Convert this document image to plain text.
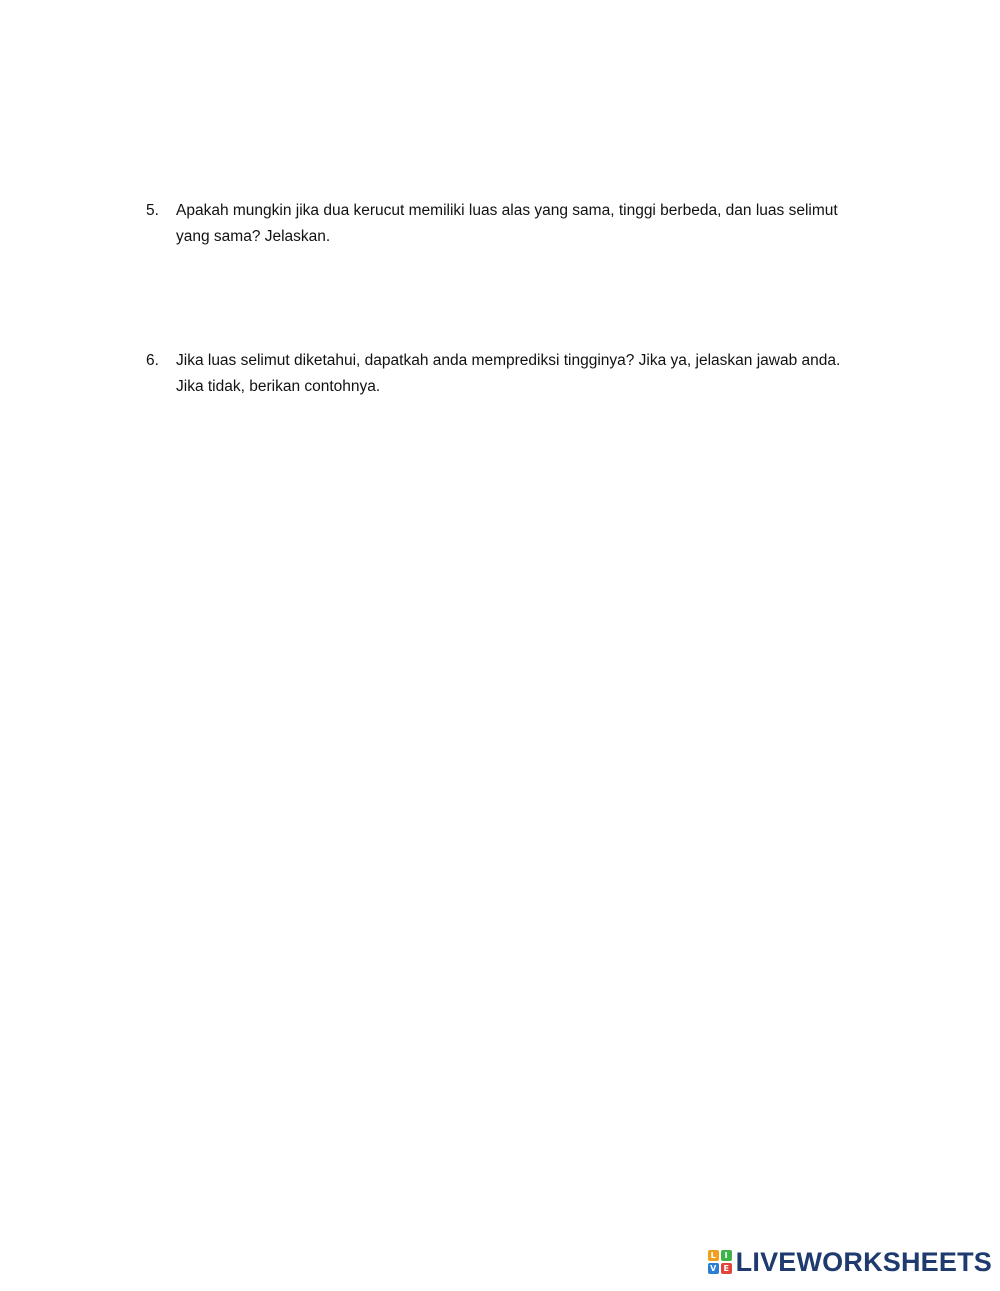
5.	Apakah mungkin jika dua kerucut memiliki luas alas yang sama, tinggi berbeda, dan luas selimut
yang sama? Jelaskan.
6.	Jika luas selimut diketahui, dapatkah anda memprediksi tingginya? Jika ya, jelaskan jawab anda.
Jika tidak, berikan contohnya.
L	I
V E LIVEWORKSHEETS
